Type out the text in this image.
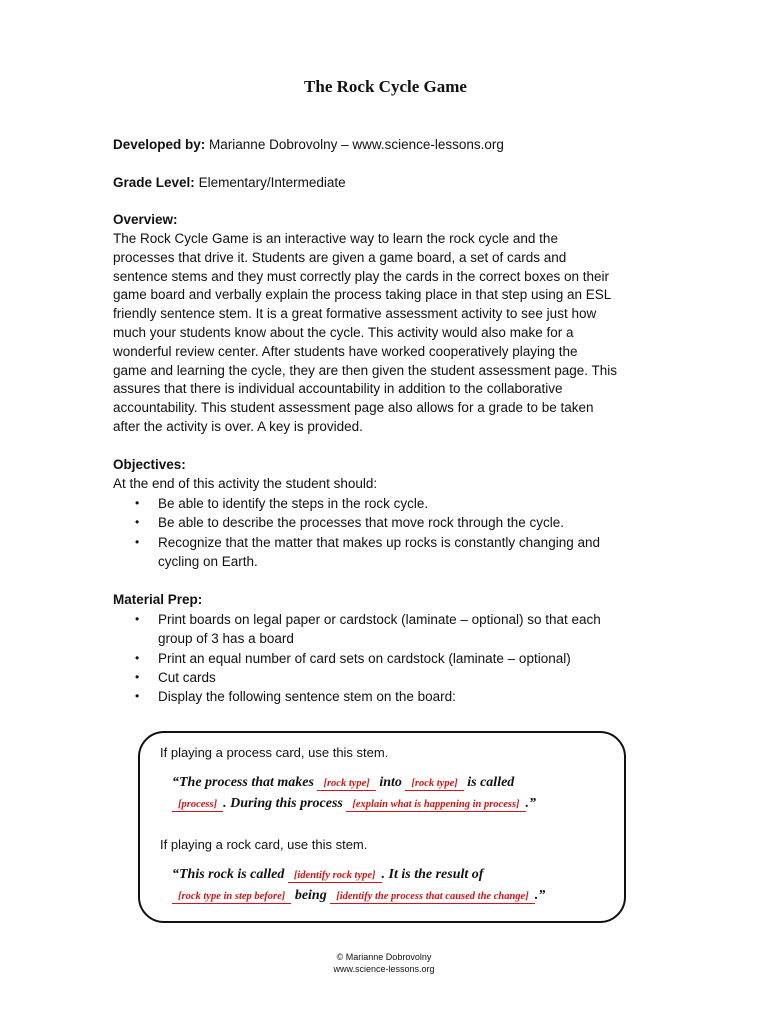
The Rock Cycle Game
Developed by: Marianne Dobrovolny – www.science-lessons.org
Grade Level: Elementary/Intermediate
Overview:
The Rock Cycle Game is an interactive way to learn the rock cycle and the
processes that drive it. Students are given a game board, a set of cards and
sentence stems and they must correctly play the cards in the correct boxes on their
game board and verbally explain the process taking place in that step using an ESL
friendly sentence stem. It is a great formative assessment activity to see just how
much your students know about the cycle. This activity would also make for a
wonderful review center. After students have worked cooperatively playing the
game and learning the cycle, they are then given the student assessment page. This
assures that there is individual accountability in addition to the collaborative
accountability. This student assessment page also allows for a grade to be taken
after the activity is over. A key is provided.
Objectives:
At the end of this activity the student should:
• Be able to identify the steps in the rock cycle.
• Be able to describe the processes that move rock through the cycle.
• Recognize that the matter that makes up rocks is constantly changing and
cycling on Earth.
Material Prep:
• Print boards on legal paper or cardstock (laminate – optional) so that each
group of 3 has a board
• Print an equal number of card sets on cardstock (laminate – optional)
• Cut cards
• Display the following sentence stem on the board:
If playing a process card, use this stem.
“The process that makes [rock type] into [rock type] is called
[process] . During this process [explain what is happening in process] .”
If playing a rock card, use this stem.
“This rock is called [identify rock type] . It is the result of
[rock type in step before] being [identify the process that caused the change] .”
© Marianne Dobrovolny
www.science-lessons.org
